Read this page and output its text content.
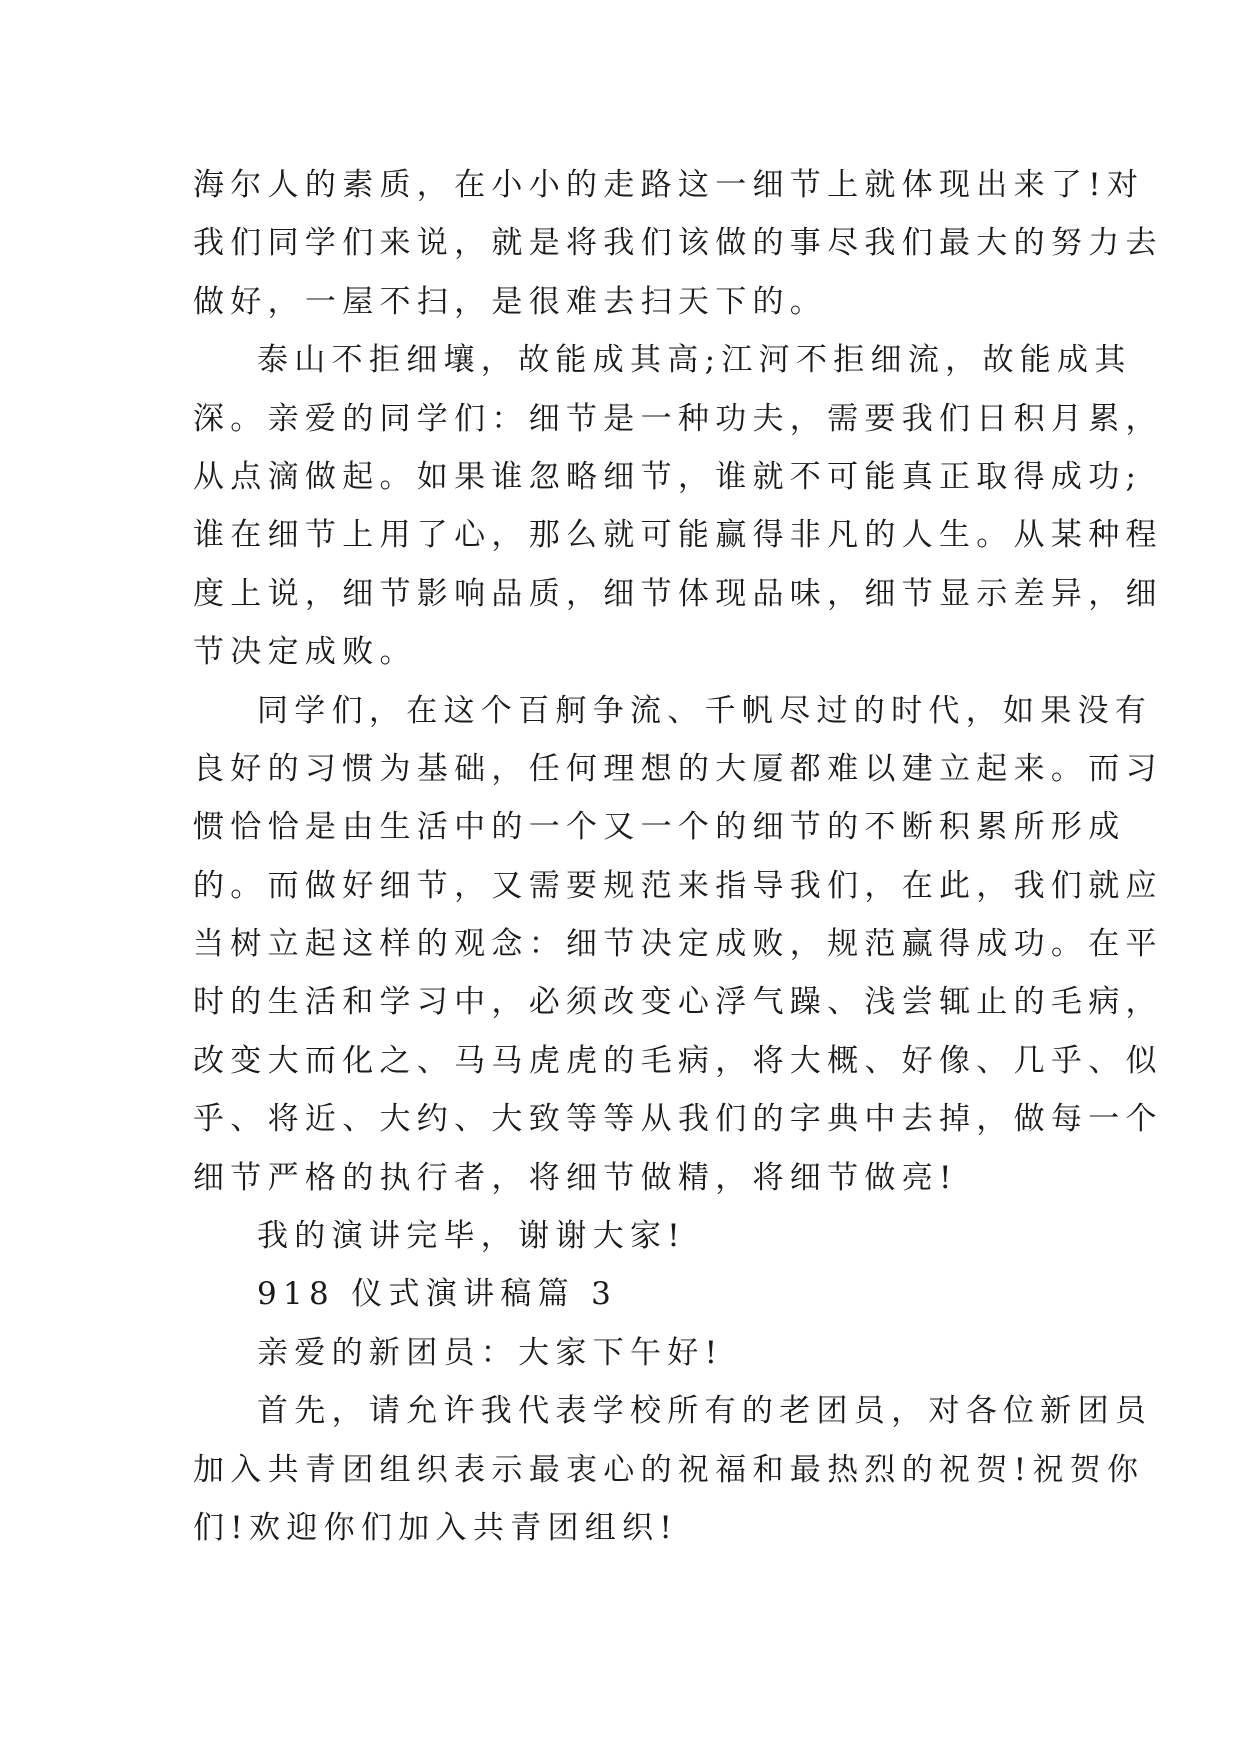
海尔人的素质，在小小的走路这一细节上就体现出来了!对
我们同学们来说，就是将我们该做的事尽我们最大的努力去
做好，一屋不扫，是很难去扫天下的。
泰山不拒细壤，故能成其高;江河不拒细流，故能成其
深。亲爱的同学们：细节是一种功夫，需要我们日积月累，
从点滴做起。如果谁忽略细节，谁就不可能真正取得成功;
谁在细节上用了心，那么就可能赢得非凡的人生。从某种程
度上说，细节影响品质，细节体现品味，细节显示差异，细
节决定成败。
同学们，在这个百舸争流、千帆尽过的时代，如果没有
良好的习惯为基础，任何理想的大厦都难以建立起来。而习
惯恰恰是由生活中的一个又一个的细节的不断积累所形成
的。而做好细节，又需要规范来指导我们，在此，我们就应
当树立起这样的观念：细节决定成败，规范赢得成功。在平
时的生活和学习中，必须改变心浮气躁、浅尝辄止的毛病，
改变大而化之、马马虎虎的毛病，将大概、好像、几乎、似
乎、将近、大约、大致等等从我们的字典中去掉，做每一个
细节严格的执行者，将细节做精，将细节做亮!
我的演讲完毕，谢谢大家!
918 仪式演讲稿篇 3
亲爱的新团员：大家下午好!
首先，请允许我代表学校所有的老团员，对各位新团员
加入共青团组织表示最衷心的祝福和最热烈的祝贺!祝贺你
们!欢迎你们加入共青团组织!
